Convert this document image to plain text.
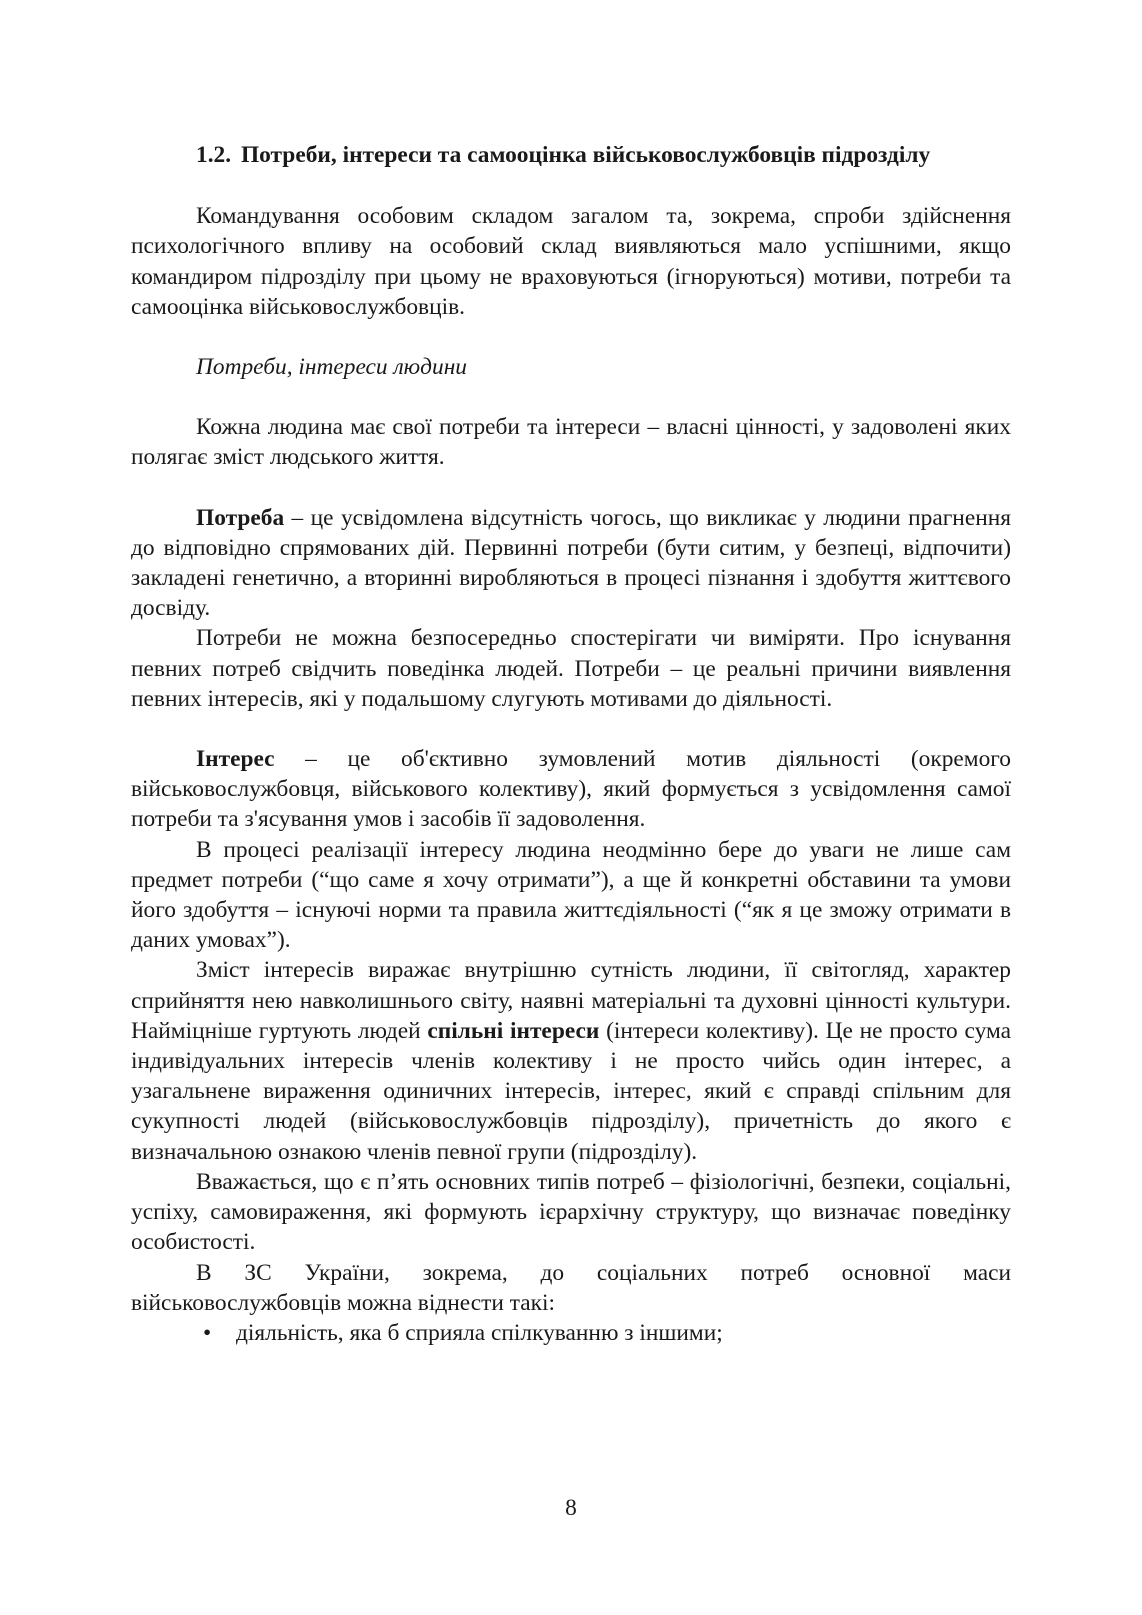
1.2. Потреби, інтереси та самооцінка військовослужбовців підрозділу

Командування особовим складом загалом та, зокрема, спроби здійснення психологічного впливу на особовий склад виявляються мало успішними, якщо командиром підрозділу при цьому не враховуються (ігноруються) мотиви, потреби та самооцінка військовослужбовців.

Потреби, інтереси людини

Кожна людина має свої потреби та інтереси – власні цінності, у задоволені яких полягає зміст людського життя.

Потреба – це усвідомлена відсутність чогось, що викликає у людини прагнення до відповідно спрямованих дій. Первинні потреби (бути ситим, у безпеці, відпочити) закладені генетично, а вторинні виробляються в процесі пізнання і здобуття життєвого досвіду.

Потреби не можна безпосередньо спостерігати чи виміряти. Про існування певних потреб свідчить поведінка людей. Потреби – це реальні причини виявлення певних інтересів, які у подальшому слугують мотивами до діяльності.

Інтерес – це об'єктивно зумовлений мотив діяльності (окремого військовослужбовця, військового колективу), який формується з усвідомлення самої потреби та з'ясування умов і засобів її задоволення.

В процесі реалізації інтересу людина неодмінно бере до уваги не лише сам предмет потреби (“що саме я хочу отримати”), а ще й конкретні обставини та умови його здобуття – існуючі норми та правила життєдіяльності (“як я це зможу отримати в даних умовах”).

Зміст інтересів виражає внутрішню сутність людини, її світогляд, характер сприйняття нею навколишнього світу, наявні матеріальні та духовні цінності культури. Найміцніше гуртують людей спільні інтереси (інтереси колективу). Це не просто сума індивідуальних інтересів членів колективу і не просто чийсь один інтерес, а узагальнене вираження одиничних інтересів, інтерес, який є справді спільним для сукупності людей (військовослужбовців підрозділу), причетність до якого є визначальною ознакою членів певної групи (підрозділу).

Вважається, що є п’ять основних типів потреб – фізіологічні, безпеки, соціальні, успіху, самовираження, які формують ієрархічну структуру, що визначає поведінку особистості.

В ЗС України, зокрема, до соціальних потреб основної маси військовослужбовців можна віднести такі:

• діяльність, яка б сприяла спілкуванню з іншими;
8
